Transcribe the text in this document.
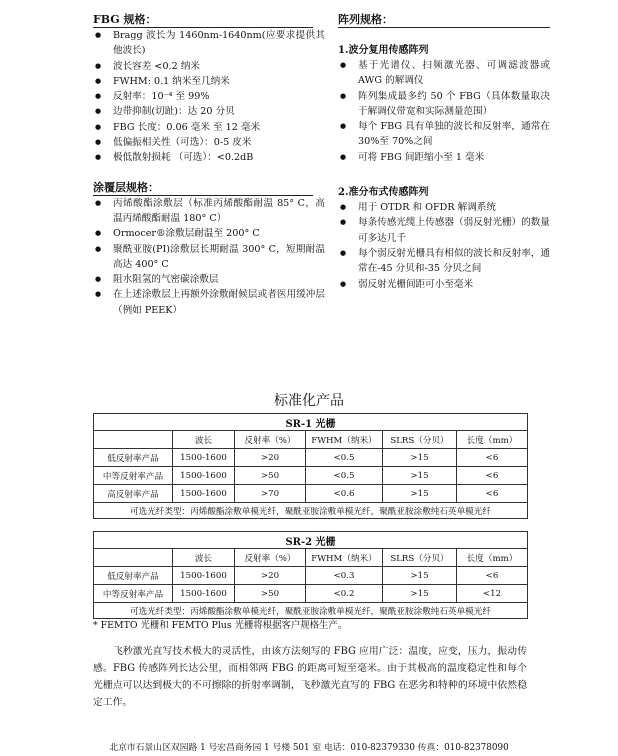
FBG 规格：
● Bragg 波长为 1460nm-1640nm(应要求提供其他波长)
● 波长容差 <0.2 纳米
● FWHM: 0.1 纳米至几纳米
● 反射率：10⁻⁴ 至 99%
● 边带抑制(切趾)：达 20 分贝
● FBG 长度：0.06 毫米 至 12 毫米
● 低偏振相关性（可选）：0-5 皮米
● 极低散射损耗 （可选）：<0.2dB
涂覆层规格：
● 丙烯酸酯涂敷层（标准丙烯酸酯耐温 85° C，高温丙烯酸酯耐温 180° C）
● Ormocer®涂敷层耐温至 200° C
● 聚酰亚胺(PI)涂敷层长期耐温 300° C，短期耐温高达 400° C
● 阻水阻氢的气密碳涂敷层
● 在上述涂敷层上再额外涂敷耐候层或者医用缓冲层（例如 PEEK）
阵列规格：
1.波分复用传感阵列
● 基于光谱仪、扫频激光器、可调滤波器或 AWG 的解调仪
● 阵列集成最多约 50 个 FBG（具体数量取决于解调仪带宽和实际测量范围）
● 每个 FBG 具有单独的波长和反射率，通常在 30%至 70%之间
● 可将 FBG 间距缩小至 1 毫米
2.准分布式传感阵列
● 用于 OTDR 和 OFDR 解调系统
● 每条传感光缆上传感器（弱反射光栅）的数量可多达几千
● 每个弱反射光栅具有相似的波长和反射率，通常在-45 分贝和-35 分贝之间
● 弱反射光栅间距可小至毫米
标准化产品
SR-1 光栅					
	波长	反射率（%）	FWHM（纳米）	SLRS（分贝）	长度（mm）
低反射率产品	1500-1600	>20	<0.5	>15	<6
中等反射率产品	1500-1600	>50	<0.5	>15	<6
高反射率产品	1500-1600	>70	<0.6	>15	<6
可选光纤类型：丙烯酸酯涂敷单模光纤，聚酰亚胺涂敷单模光纤，聚酰亚胺涂敷纯石英单模光纤					
SR-2 光栅					
	波长	反射率（%）	FWHM（纳米）	SLRS（分贝）	长度（mm）
低反射率产品	1500-1600	>20	<0.3	>15	<6
中等反射率产品	1500-1600	>50	<0.2	>15	<12
可选光纤类型：丙烯酸酯涂敷单模光纤，聚酰亚胺涂敷单模光纤，聚酰亚胺涂敷纯石英单模光纤					
* FEMTO 光栅和 FEMTO Plus 光栅将根据客户规格生产。
飞秒激光直写技术极大的灵活性，由该方法刻写的 FBG 应用广泛：温度，应变，压力，振动传感。FBG 传感阵列长达公里，而相邻两 FBG 的距离可短至毫米。由于其极高的温度稳定性和每个光栅点可以达到极大的不可擦除的折射率调制，飞秒激光直写的 FBG 在恶劣和特种的环境中依然稳定工作。
北京市石景山区双园路 1 号宏昌商务园 1 号楼 501 室 电话：010-82379330 传真：010-82378090
